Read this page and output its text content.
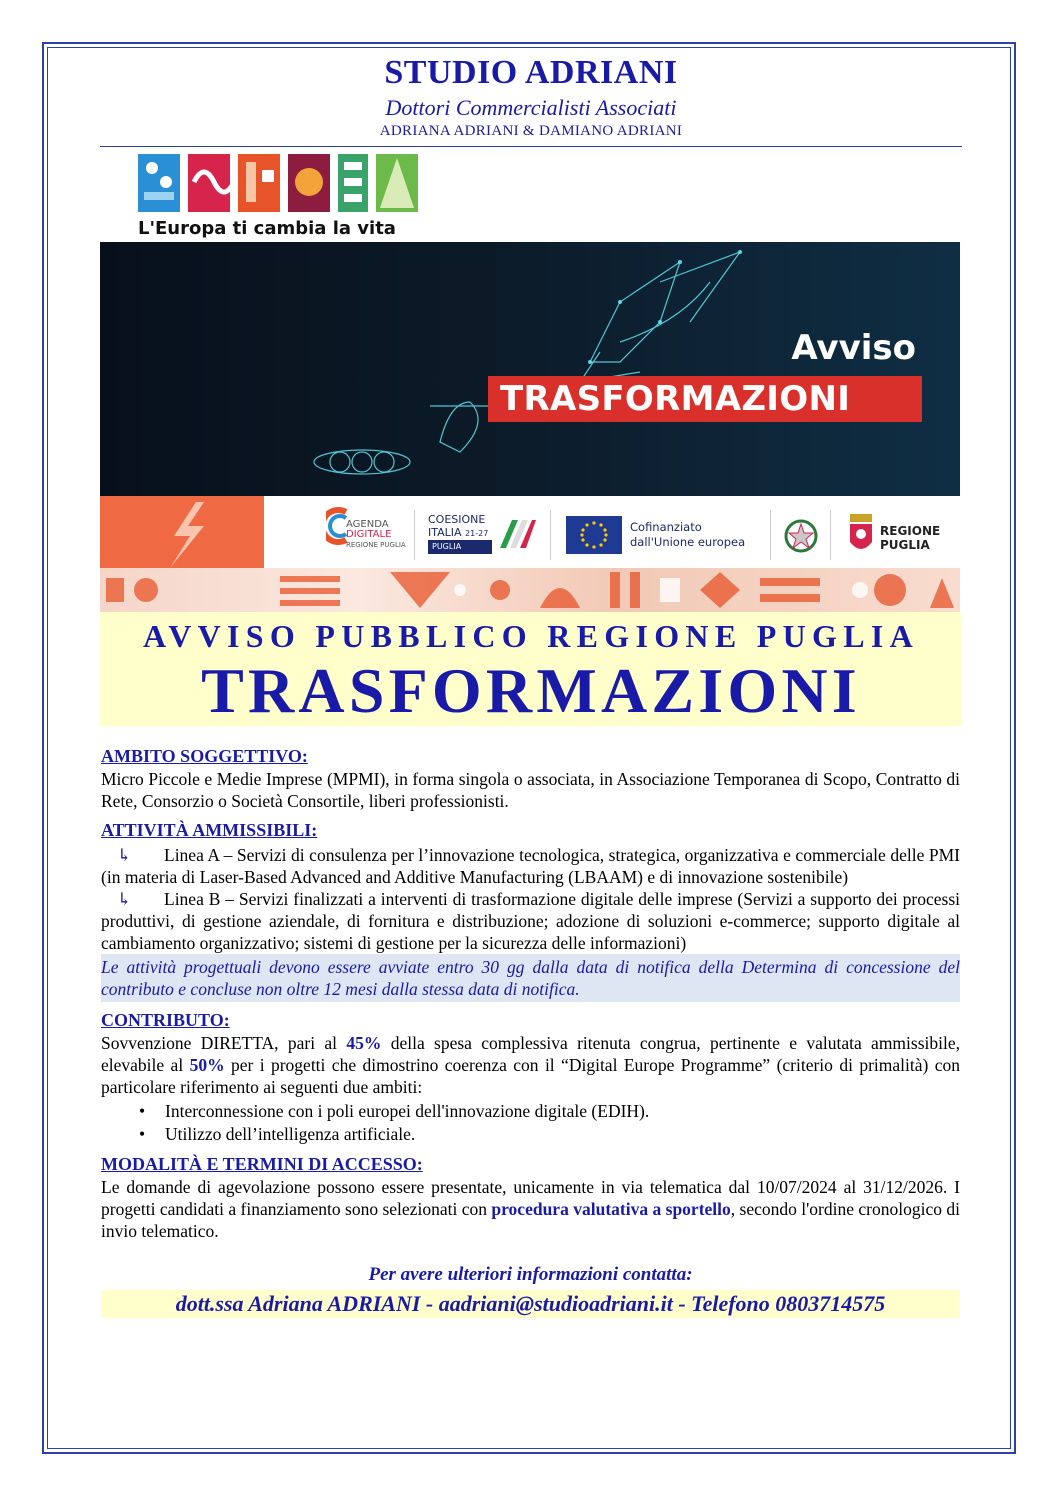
STUDIO ADRIANI
Dottori Commercialisti Associati
ADRIANA ADRIANI & DAMIANO ADRIANI
L'Europa ti cambia la vita
Avviso
TRASFORMAZIONI
AGENDA
DIGITALE
REGIONE PUGLIA
COESIONE
ITALIA 21-27
PUGLIA
Cofinanziato
dall'Unione europea
REGIONE
PUGLIA
AVVISO PUBBLICO REGIONE PUGLIA
TRASFORMAZIONI

AMBITO SOGGETTIVO:

Micro Piccole e Medie Imprese (MPMI), in forma singola o associata, in Associazione Temporanea di Scopo, Contratto di Rete, Consorzio o Società Consortile, liberi professionisti.

ATTIVITÀ AMMISSIBILI:

↳ Linea A – Servizi di consulenza per l’innovazione tecnologica, strategica, organizzativa e commerciale delle PMI (in materia di Laser-Based Advanced and Additive Manufacturing (LBAAM) e di innovazione sostenibile)

↳ Linea B – Servizi finalizzati a interventi di trasformazione digitale delle imprese (Servizi a supporto dei processi produttivi, di gestione aziendale, di fornitura e distribuzione; adozione di soluzioni e-commerce; supporto digitale al cambiamento organizzativo; sistemi di gestione per la sicurezza delle informazioni)

Le attività progettuali devono essere avviate entro 30 gg dalla data di notifica della Determina di concessione del contributo e concluse non oltre 12 mesi dalla stessa data di notifica.

CONTRIBUTO:

Sovvenzione DIRETTA, pari al 45% della spesa complessiva ritenuta congrua, pertinente e valutata ammissibile, elevabile al 50% per i progetti che dimostrino coerenza con il “Digital Europe Programme” (criterio di primalità) con particolare riferimento ai seguenti due ambiti:

• Interconnessione con i poli europei dell'innovazione digitale (EDIH).
• Utilizzo dell’intelligenza artificiale.

MODALITÀ E TERMINI DI ACCESSO:

Le domande di agevolazione possono essere presentate, unicamente in via telematica dal 10/07/2024 al 31/12/2026. I progetti candidati a finanziamento sono selezionati con procedura valutativa a sportello, secondo l'ordine cronologico di invio telematico.

Per avere ulteriori informazioni contatta:

dott.ssa Adriana ADRIANI - aadriani@studioadriani.it - Telefono 0803714575
